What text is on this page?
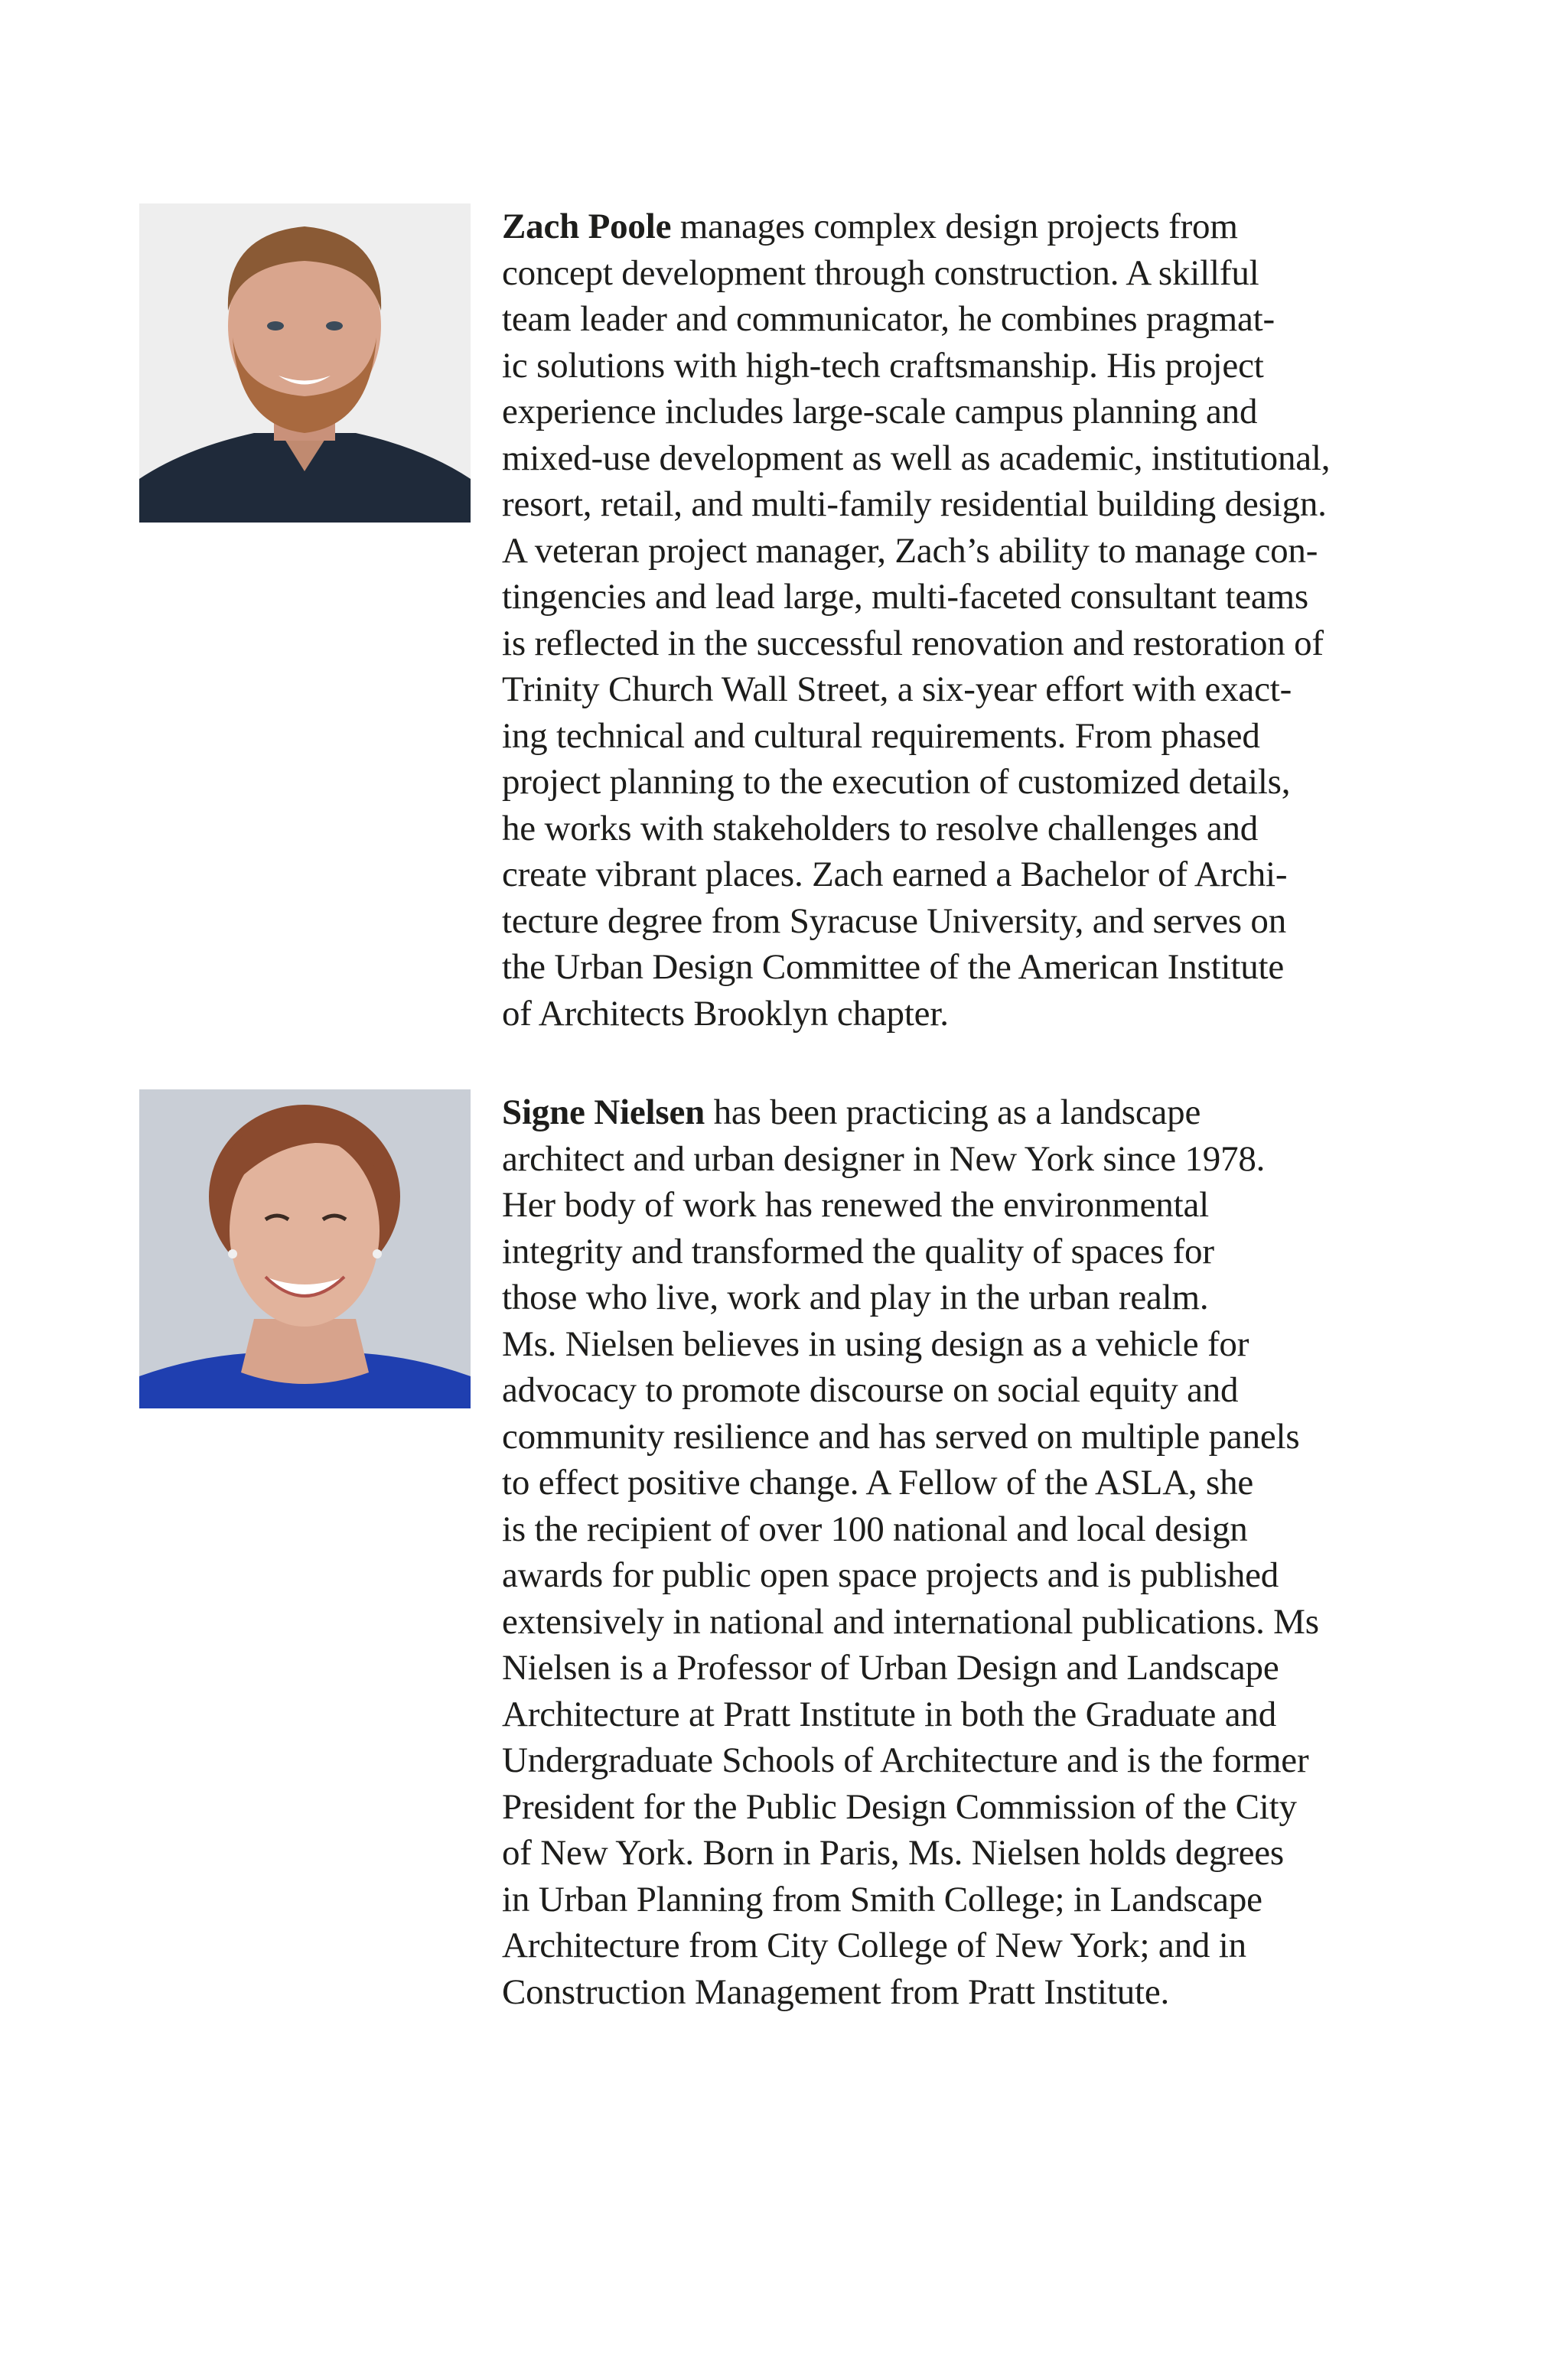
Zach Poole manages complex design projects from
concept development through construction. A skillful
team leader and communicator, he combines pragmat-
ic solutions with high-tech craftsmanship. His project
experience includes large-scale campus planning and
mixed-use development as well as academic, institutional,
resort, retail, and multi-family residential building design.
A veteran project manager, Zach’s ability to manage con-
tingencies and lead large, multi-faceted consultant teams
is reflected in the successful renovation and restoration of
Trinity Church Wall Street, a six-year effort with exact-
ing technical and cultural requirements. From phased
project planning to the execution of customized details,
he works with stakeholders to resolve challenges and
create vibrant places. Zach earned a Bachelor of Archi-
tecture degree from Syracuse University, and serves on
the Urban Design Committee of the American Institute
of Architects Brooklyn chapter.
Signe Nielsen has been practicing as a landscape
architect and urban designer in New York since 1978.
Her body of work has renewed the environmental
integrity and transformed the quality of spaces for
those who live, work and play in the urban realm.
Ms. Nielsen believes in using design as a vehicle for
advocacy to promote discourse on social equity and
community resilience and has served on multiple panels
to effect positive change. A Fellow of the ASLA, she
is the recipient of over 100 national and local design
awards for public open space projects and is published
extensively in national and international publications. Ms
Nielsen is a Professor of Urban Design and Landscape
Architecture at Pratt Institute in both the Graduate and
Undergraduate Schools of Architecture and is the former
President for the Public Design Commission of the City
of New York. Born in Paris, Ms. Nielsen holds degrees
in Urban Planning from Smith College; in Landscape
Architecture from City College of New York; and in
Construction Management from Pratt Institute.
